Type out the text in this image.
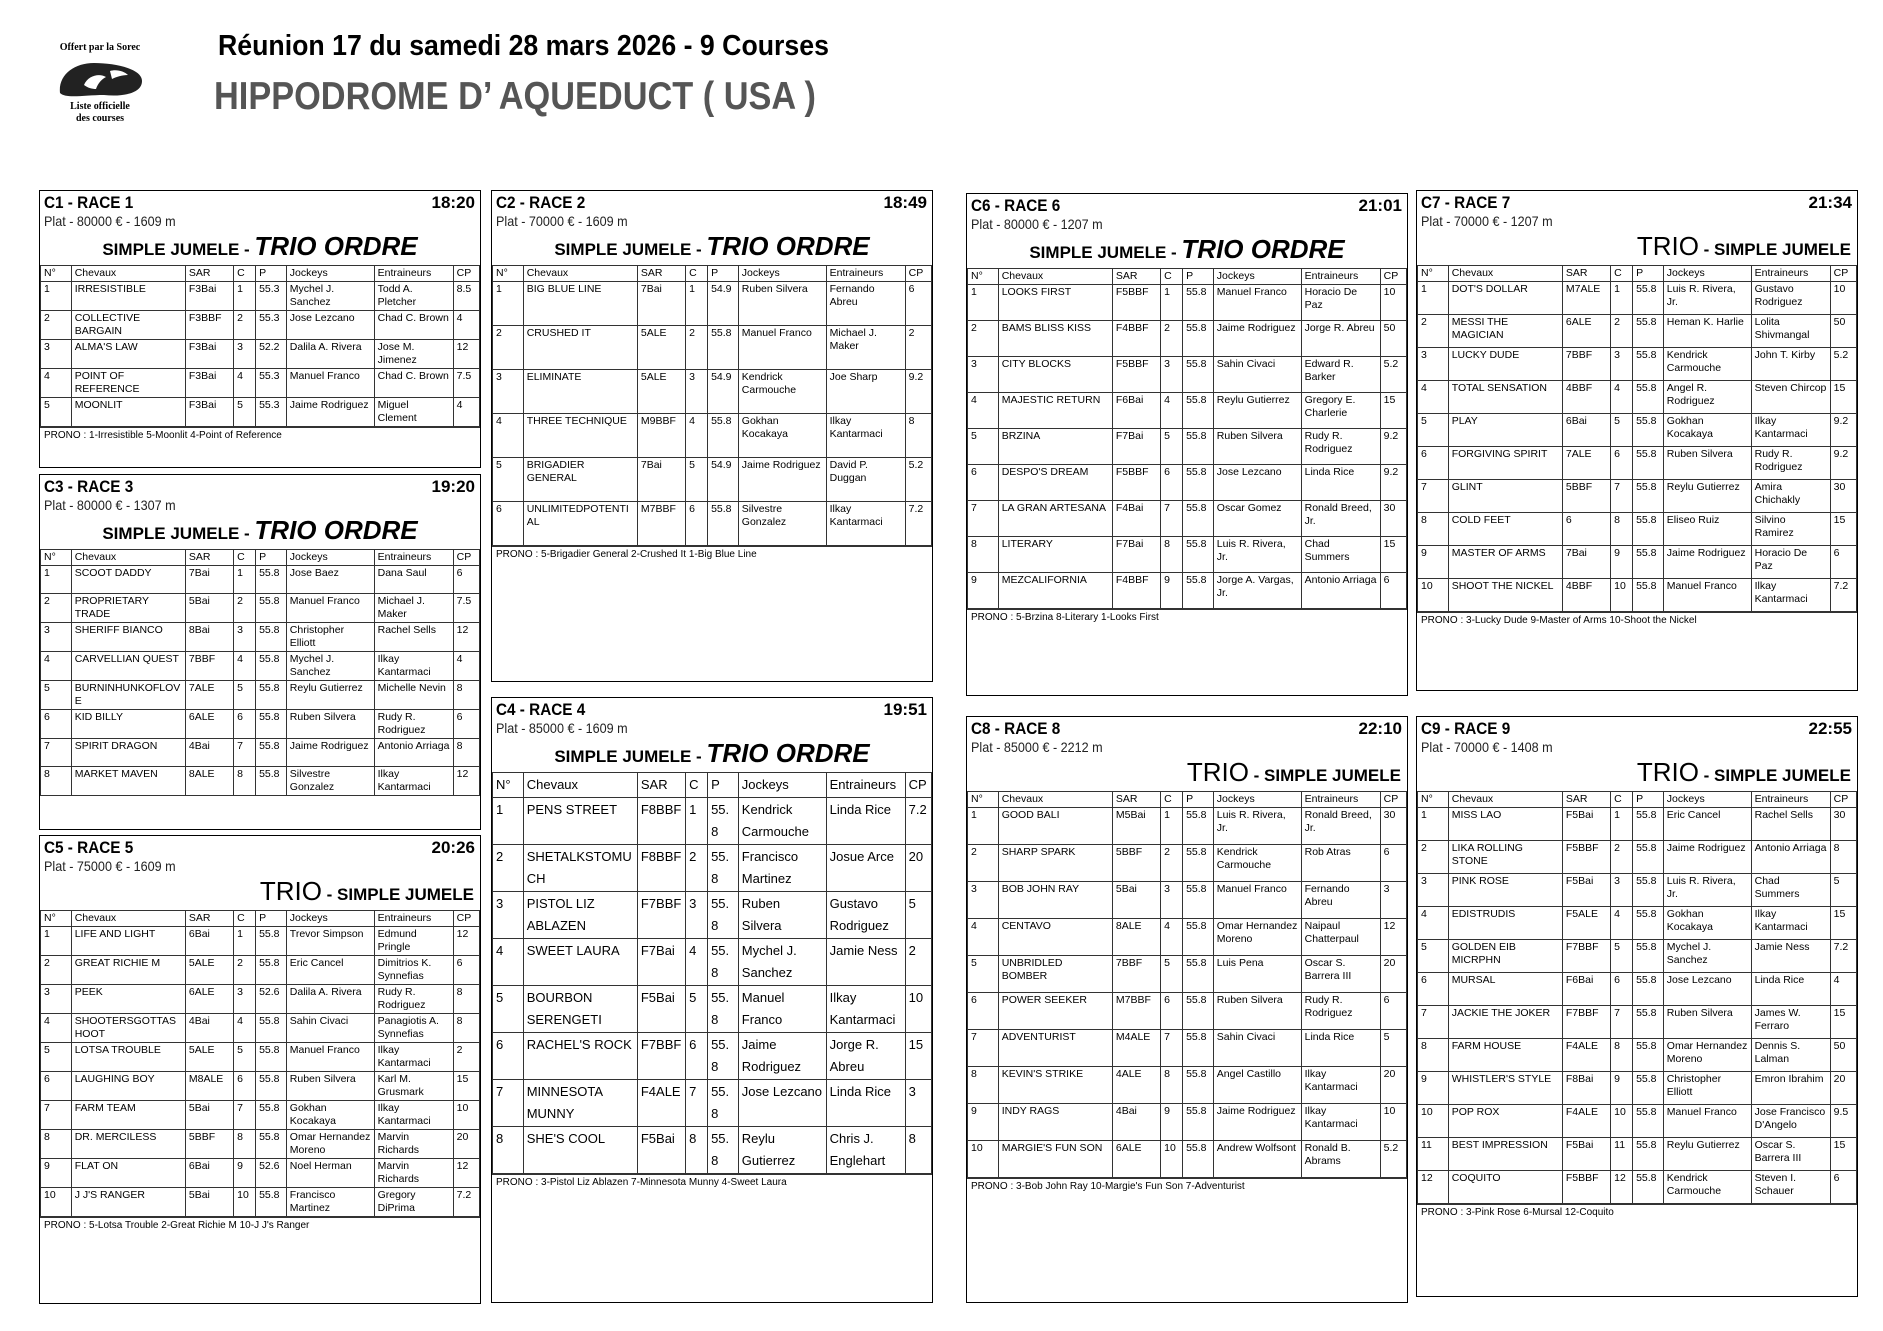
Offert par la Sorec
Liste officielle
des courses
Réunion 17 du samedi 28 mars 2026 - 9 Courses
HIPPODROME D’ AQUEDUCT ( USA )
C1 - RACE 1	18:20
Plat - 80000 € - 1609 m
SIMPLE JUMELE - TRIO ORDRE
N°	Chevaux	SAR	C	P	Jockeys	Entraineurs	CP
1	IRRESISTIBLE	F3Bai	1	55.3	Mychel J. Sanchez	Todd A. Pletcher	8.5
2	COLLECTIVE BARGAIN	F3BBF	2	55.3	Jose Lezcano	Chad C. Brown	4
3	ALMA'S LAW	F3Bai	3	52.2	Dalila A. Rivera	Jose M. Jimenez	12
4	POINT OF REFERENCE	F3Bai	4	55.3	Manuel Franco	Chad C. Brown	7.5
5	MOONLIT	F3Bai	5	55.3	Jaime Rodriguez	Miguel Clement	4
PRONO : 1-Irresistible 5-Moonlit 4-Point of Reference
C3 - RACE 3	19:20
Plat - 80000 € - 1307 m
SIMPLE JUMELE - TRIO ORDRE
N°	Chevaux	SAR	C	P	Jockeys	Entraineurs	CP
1	SCOOT DADDY	7Bai	1	55.8	Jose Baez	Dana Saul	6
2	PROPRIETARY TRADE	5Bai	2	55.8	Manuel Franco	Michael J. Maker	7.5
3	SHERIFF BIANCO	8Bai	3	55.8	Christopher Elliott	Rachel Sells	12
4	CARVELLIAN QUEST	7BBF	4	55.8	Mychel J. Sanchez	Ilkay Kantarmaci	4
5	BURNINHUNKOFLOVE	7ALE	5	55.8	Reylu Gutierrez	Michelle Nevin	8
6	KID BILLY	6ALE	6	55.8	Ruben Silvera	Rudy R. Rodriguez	6
7	SPIRIT DRAGON	4Bai	7	55.8	Jaime Rodriguez	Antonio Arriaga	8
8	MARKET MAVEN	8ALE	8	55.8	Silvestre Gonzalez	Ilkay Kantarmaci	12
C5 - RACE 5	20:26
Plat - 75000 € - 1609 m
TRIO - SIMPLE JUMELE
N°	Chevaux	SAR	C	P	Jockeys	Entraineurs	CP
1	LIFE AND LIGHT	6Bai	1	55.8	Trevor Simpson	Edmund Pringle	12
2	GREAT RICHIE M	5ALE	2	55.8	Eric Cancel	Dimitrios K. Synnefias	6
3	PEEK	6ALE	3	52.6	Dalila A. Rivera	Rudy R. Rodriguez	8
4	SHOOTERSGOTTASHOOT	4Bai	4	55.8	Sahin Civaci	Panagiotis A. Synnefias	8
5	LOTSA TROUBLE	5ALE	5	55.8	Manuel Franco	Ilkay Kantarmaci	2
6	LAUGHING BOY	M8ALE	6	55.8	Ruben Silvera	Karl M. Grusmark	15
7	FARM TEAM	5Bai	7	55.8	Gokhan Kocakaya	Ilkay Kantarmaci	10
8	DR. MERCILESS	5BBF	8	55.8	Omar Hernandez Moreno	Marvin Richards	20
9	FLAT ON	6Bai	9	52.6	Noel Herman	Marvin Richards	12
10	J J'S RANGER	5Bai	10	55.8	Francisco Martinez	Gregory DiPrima	7.2
PRONO : 5-Lotsa Trouble 2-Great Richie M 10-J J's Ranger
C2 - RACE 2	18:49
Plat - 70000 € - 1609 m
SIMPLE JUMELE - TRIO ORDRE
N°	Chevaux	SAR	C	P	Jockeys	Entraineurs	CP
1	BIG BLUE LINE	7Bai	1	54.9	Ruben Silvera	Fernando Abreu	6
2	CRUSHED IT	5ALE	2	55.8	Manuel Franco	Michael J. Maker	2
3	ELIMINATE	5ALE	3	54.9	Kendrick Carmouche	Joe Sharp	9.2
4	THREE TECHNIQUE	M9BBF	4	55.8	Gokhan Kocakaya	Ilkay Kantarmaci	8
5	BRIGADIER GENERAL	7Bai	5	54.9	Jaime Rodriguez	David P. Duggan	5.2
6	UNLIMITEDPOTENTIAL	M7BBF	6	55.8	Silvestre Gonzalez	Ilkay Kantarmaci	7.2
PRONO : 5-Brigadier General 2-Crushed It 1-Big Blue Line
C4 - RACE 4	19:51
Plat - 85000 € - 1609 m
SIMPLE JUMELE - TRIO ORDRE
N°	Chevaux	SAR	C	P	Jockeys	Entraineurs	CP
1	PENS STREET	F8BBF	1	55.8	Kendrick Carmouche	Linda Rice	7.2
2	SHETALKSTOMUCH	F8BBF	2	55.8	Francisco Martinez	Josue Arce	20
3	PISTOL LIZ ABLAZEN	F7BBF	3	55.8	Ruben Silvera	Gustavo Rodriguez	5
4	SWEET LAURA	F7Bai	4	55.8	Mychel J. Sanchez	Jamie Ness	2
5	BOURBON SERENGETI	F5Bai	5	55.8	Manuel Franco	Ilkay Kantarmaci	10
6	RACHEL'S ROCK	F7BBF	6	55.8	Jaime Rodriguez	Jorge R. Abreu	15
7	MINNESOTA MUNNY	F4ALE	7	55.8	Jose Lezcano	Linda Rice	3
8	SHE'S COOL	F5Bai	8	55.8	Reylu Gutierrez	Chris J. Englehart	8
PRONO : 3-Pistol Liz Ablazen 7-Minnesota Munny 4-Sweet Laura
C6 - RACE 6	21:01
Plat - 80000 € - 1207 m
SIMPLE JUMELE - TRIO ORDRE
N°	Chevaux	SAR	C	P	Jockeys	Entraineurs	CP
1	LOOKS FIRST	F5BBF	1	55.8	Manuel Franco	Horacio De Paz	10
2	BAMS BLISS KISS	F4BBF	2	55.8	Jaime Rodriguez	Jorge R. Abreu	50
3	CITY BLOCKS	F5BBF	3	55.8	Sahin Civaci	Edward R. Barker	5.2
4	MAJESTIC RETURN	F6Bai	4	55.8	Reylu Gutierrez	Gregory E. Charlerie	15
5	BRZINA	F7Bai	5	55.8	Ruben Silvera	Rudy R. Rodriguez	9.2
6	DESPO'S DREAM	F5BBF	6	55.8	Jose Lezcano	Linda Rice	9.2
7	LA GRAN ARTESANA	F4Bai	7	55.8	Oscar Gomez	Ronald Breed, Jr.	30
8	LITERARY	F7Bai	8	55.8	Luis R. Rivera, Jr.	Chad Summers	15
9	MEZCALIFORNIA	F4BBF	9	55.8	Jorge A. Vargas, Jr.	Antonio Arriaga	6
PRONO : 5-Brzina 8-Literary 1-Looks First
C8 - RACE 8	22:10
Plat - 85000 € - 2212 m
TRIO - SIMPLE JUMELE
N°	Chevaux	SAR	C	P	Jockeys	Entraineurs	CP
1	GOOD BALI	M5Bai	1	55.8	Luis R. Rivera, Jr.	Ronald Breed, Jr.	30
2	SHARP SPARK	5BBF	2	55.8	Kendrick Carmouche	Rob Atras	6
3	BOB JOHN RAY	5Bai	3	55.8	Manuel Franco	Fernando Abreu	3
4	CENTAVO	8ALE	4	55.8	Omar Hernandez Moreno	Naipaul Chatterpaul	12
5	UNBRIDLED BOMBER	7BBF	5	55.8	Luis Pena	Oscar S. Barrera III	20
6	POWER SEEKER	M7BBF	6	55.8	Ruben Silvera	Rudy R. Rodriguez	6
7	ADVENTURIST	M4ALE	7	55.8	Sahin Civaci	Linda Rice	5
8	KEVIN'S STRIKE	4ALE	8	55.8	Angel Castillo	Ilkay Kantarmaci	20
9	INDY RAGS	4Bai	9	55.8	Jaime Rodriguez	Ilkay Kantarmaci	10
10	MARGIE'S FUN SON	6ALE	10	55.8	Andrew Wolfsont	Ronald B. Abrams	5.2
PRONO : 3-Bob John Ray 10-Margie's Fun Son 7-Adventurist
C7 - RACE 7	21:34
Plat - 70000 € - 1207 m
TRIO - SIMPLE JUMELE
N°	Chevaux	SAR	C	P	Jockeys	Entraineurs	CP
1	DOT'S DOLLAR	M7ALE	1	55.8	Luis R. Rivera, Jr.	Gustavo Rodriguez	10
2	MESSI THE MAGICIAN	6ALE	2	55.8	Heman K. Harlie	Lolita Shivmangal	50
3	LUCKY DUDE	7BBF	3	55.8	Kendrick Carmouche	John T. Kirby	5.2
4	TOTAL SENSATION	4BBF	4	55.8	Angel R. Rodriguez	Steven Chircop	15
5	PLAY	6Bai	5	55.8	Gokhan Kocakaya	Ilkay Kantarmaci	9.2
6	FORGIVING SPIRIT	7ALE	6	55.8	Ruben Silvera	Rudy R. Rodriguez	9.2
7	GLINT	5BBF	7	55.8	Reylu Gutierrez	Amira Chichakly	30
8	COLD FEET	6	8	55.8	Eliseo Ruiz	Silvino Ramirez	15
9	MASTER OF ARMS	7Bai	9	55.8	Jaime Rodriguez	Horacio De Paz	6
10	SHOOT THE NICKEL	4BBF	10	55.8	Manuel Franco	Ilkay Kantarmaci	7.2
PRONO : 3-Lucky Dude 9-Master of Arms 10-Shoot the Nickel
C9 - RACE 9	22:55
Plat - 70000 € - 1408 m
TRIO - SIMPLE JUMELE
N°	Chevaux	SAR	C	P	Jockeys	Entraineurs	CP
1	MISS LAO	F5Bai	1	55.8	Eric Cancel	Rachel Sells	30
2	LIKA ROLLING STONE	F5BBF	2	55.8	Jaime Rodriguez	Antonio Arriaga	8
3	PINK ROSE	F5Bai	3	55.8	Luis R. Rivera, Jr.	Chad Summers	5
4	EDISTRUDIS	F5ALE	4	55.8	Gokhan Kocakaya	Ilkay Kantarmaci	15
5	GOLDEN EIB MICRPHN	F7BBF	5	55.8	Mychel J. Sanchez	Jamie Ness	7.2
6	MURSAL	F6Bai	6	55.8	Jose Lezcano	Linda Rice	4
7	JACKIE THE JOKER	F7BBF	7	55.8	Ruben Silvera	James W. Ferraro	15
8	FARM HOUSE	F4ALE	8	55.8	Omar Hernandez Moreno	Dennis S. Lalman	50
9	WHISTLER'S STYLE	F8Bai	9	55.8	Christopher Elliott	Emron Ibrahim	20
10	POP ROX	F4ALE	10	55.8	Manuel Franco	Jose Francisco D'Angelo	9.5
11	BEST IMPRESSION	F5Bai	11	55.8	Reylu Gutierrez	Oscar S. Barrera III	15
12	COQUITO	F5BBF	12	55.8	Kendrick Carmouche	Steven I. Schauer	6
PRONO : 3-Pink Rose 6-Mursal 12-Coquito
